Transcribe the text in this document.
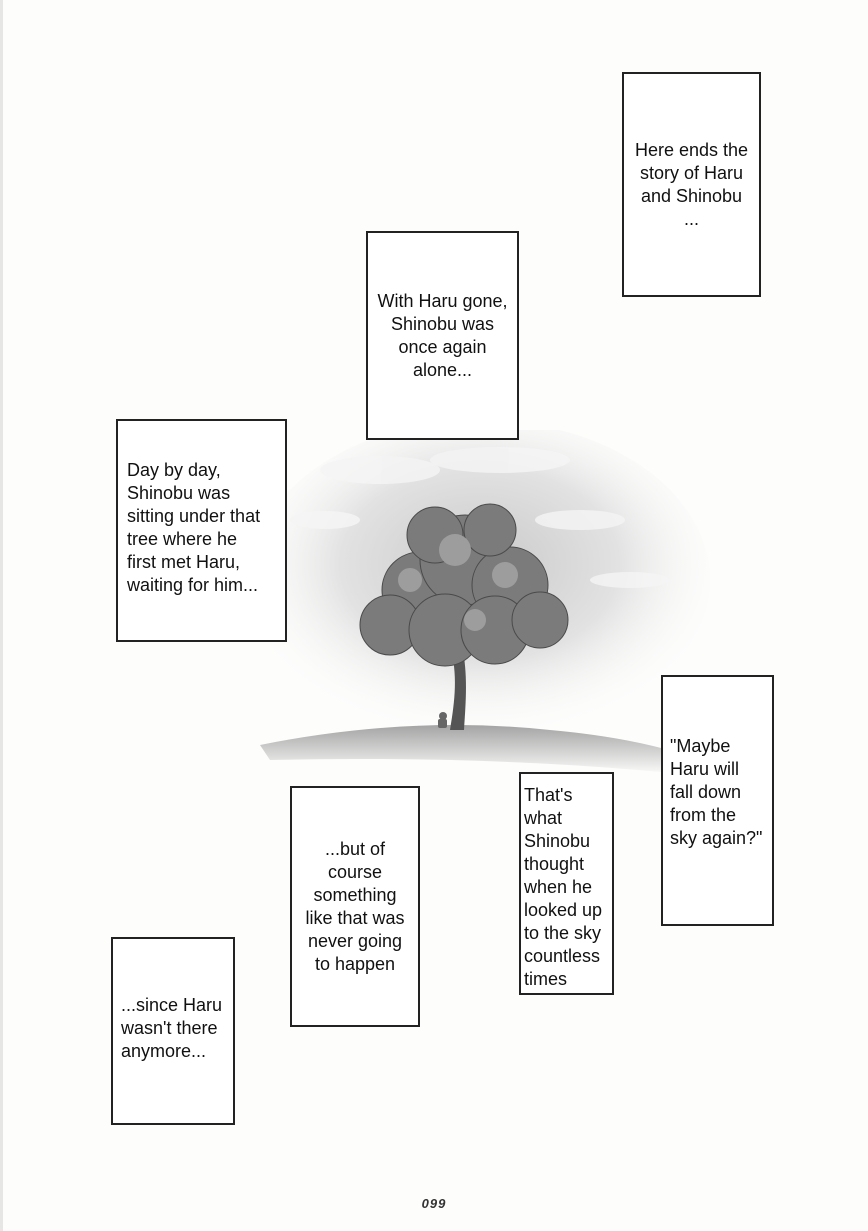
Here ends the
story of Haru
and Shinobu
...
With Haru gone,
Shinobu was
once again
alone...
Day by day,
Shinobu was
sitting under that
tree where he
first met Haru,
waiting for him...
"Maybe
Haru will
fall down
from the
sky again?"
That's
what
Shinobu
thought
when he
looked up
to the sky
countless
times
...but of
course
something
like that was
never going
to happen
...since Haru
wasn't there
anymore...
099
